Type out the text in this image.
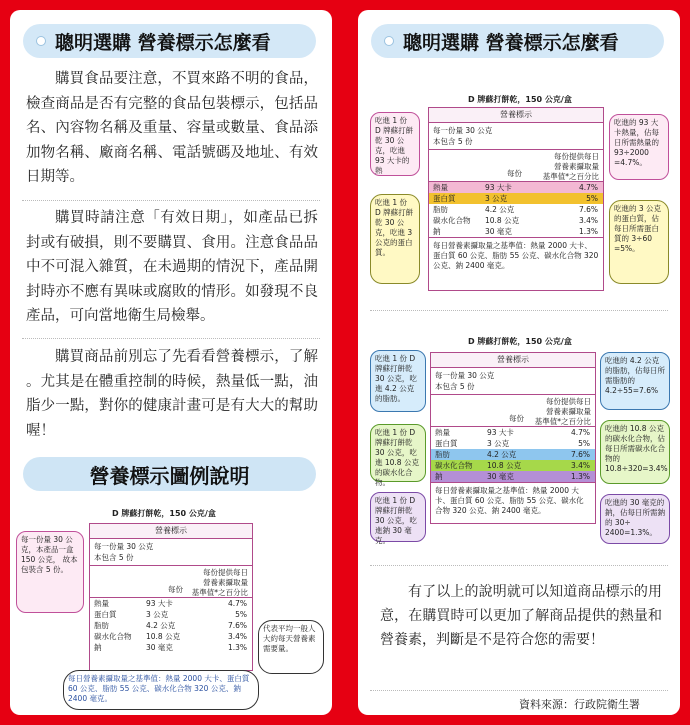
聰明選購 營養標示怎麼看

購買食品要注意，不買來路不明的食品，檢查商品是否有完整的食品包裝標示，包括品名、內容物名稱及重量、容量或數量、食品添加物名稱、廠商名稱、電話號碼及地址、有效日期等。

購買時請注意「有效日期」，如產品已拆封或有破損，則不要購買、食用。注意食品品中不可混入雜質，在未過期的情況下，產品開封時亦不應有異味或腐敗的情形。如發現不良產品，可向當地衛生局檢舉。

購買商品前別忘了先看看營養標示，了解 。尤其是在體重控制的時候，熱量低一點，油脂少一點，對你的健康計畫可是有大大的幫助喔！

營養標示圖例說明
D 牌蘇打餅乾，150 公克/盒
每一份量 30 公克，本產品一盒 150 公克， 故本包裝含 5 份。
營養標示
每一份量 30 公克
本包含 5 份
每份提供每日
營養素攝取量
基準值*之百分比
每份
熱量	93 大卡	4.7%
蛋白質	3 公克	5%
脂肪	4.2 公克	7.6%
碳水化合物 10.8 公克	3.4%
鈉	30 毫克	1.3%
代表平均一般人大約每天營養素需要量。
每日營養素攝取量之基準值：熱量 2000 大卡、蛋白質 60 公克、脂肪 55 公克、碳水化合物 320 公克、鈉 2400 毫克。
聰明選購 營養標示怎麼看
D 牌蘇打餅乾，150 公克/盒
吃進 1 份 D 牌蘇打餅乾 30 公克，吃進 93 大卡的熱
吃進 1 份 D 牌蘇打餅乾 30 公克，吃進 3 公克的蛋白質。
營養標示
每一份量 30 公克
本包含 5 份
每份提供每日
營養素攝取量
基準值*之百分比
每份
熱量	93 大卡	4.7%
蛋白質	3 公克	5%
脂肪	4.2 公克	7.6%
碳水化合物 10.8 公克	3.4%
鈉	30 毫克	1.3%
每日營養素攝取量之基準值：熱量 2000 大卡、蛋白質 60 公克、脂肪 55 公克、碳水化合物 320 公克、鈉 2400 毫克。
吃進的 93 大卡熱量，佔每日所需熱量的 93÷2000 =4.7%。
吃進的 3 公克的蛋白質，佔每日所需蛋白質的 3÷60 =5%。
D 牌蘇打餅乾，150 公克/盒
吃進 1 份 D 牌蘇打餅乾 30 公克，吃進 4.2 公克的脂肪。
吃進 1 份 D 牌蘇打餅乾 30 公克，吃進 10.8 公克的碳水化合物。
吃進 1 份 D 牌蘇打餅乾 30 公克，吃進鈉 30 毫克。
營養標示
每一份量 30 公克
本包含 5 份
每份提供每日
營養素攝取量
基準值*之百分比
每份
熱量	93 大卡	4.7%
蛋白質	3 公克	5%
脂肪	4.2 公克	7.6%
碳水化合物 10.8 公克	3.4%
鈉	30 毫克	1.3%
每日營養素攝取量之基準值：熱量 2000 大卡、蛋白質 60 公克、脂肪 55 公克、碳水化合物 320 公克、鈉 2400 毫克。
吃進的 4.2 公克的脂肪，佔每日所需脂肪的 4.2÷55=7.6%
吃進的 10.8 公克的碳水化合物，佔每日所需碳水化合物的 10.8÷320=3.4%
吃進的 30 毫克的鈉，佔每日所需鈉的 30÷ 2400=1.3%。

有了以上的說明就可以知道商品標示的用意，在購買時可以更加了解商品提供的熱量和營養素，判斷是不是符合您的需要！

資料來源：行政院衛生署
